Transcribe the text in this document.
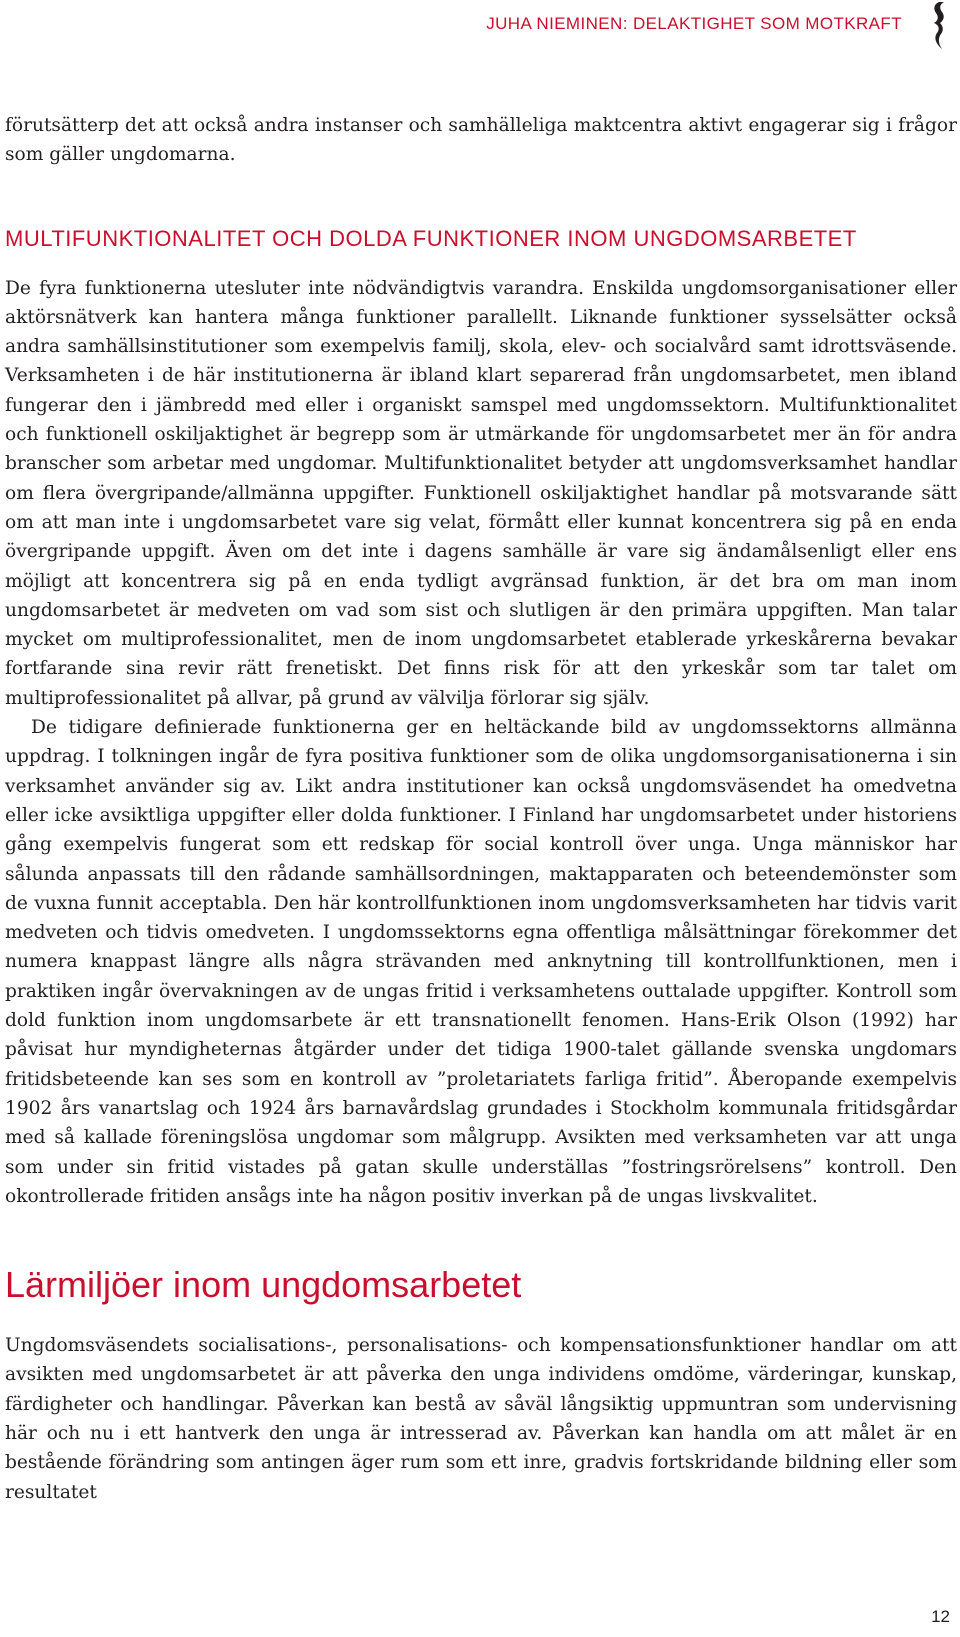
JUHA NIEMINEN: DELAKTIGHET SOM MOTKRAFT

förutsätterp det att också andra instanser och samhälleliga maktcentra aktivt engagerar sig i frågor som gäller ungdomarna.

MULTIFUNKTIONALITET OCH DOLDA FUNKTIONER INOM UNGDOMSARBETET

De fyra funktionerna utesluter inte nödvändigtvis varandra. Enskilda ungdomsorganisationer eller aktörsnätverk kan hantera många funktioner parallellt. Liknande funktioner sysselsätter också andra samhällsinstitutioner som exempelvis familj, skola, elev- och socialvård samt idrottsväsende. Verksamheten i de här institutionerna är ibland klart separerad från ungdomsarbetet, men ibland fungerar den i jämbredd med eller i organiskt samspel med ungdomssektorn. Multifunktionalitet och funktionell oskiljaktighet är begrepp som är utmärkande för ungdomsarbetet mer än för andra branscher som arbetar med ungdomar. Multifunktionalitet betyder att ungdomsverksamhet handlar om flera övergripande/allmänna uppgifter. Funktionell oskiljaktighet handlar på motsvarande sätt om att man inte i ungdomsarbetet vare sig velat, förmått eller kunnat koncentrera sig på en enda övergripande uppgift. Även om det inte i dagens samhälle är vare sig ändamålsenligt eller ens möjligt att koncentrera sig på en enda tydligt avgränsad funktion, är det bra om man inom ungdomsarbetet är medveten om vad som sist och slutligen är den primära uppgiften. Man talar mycket om multiprofessionalitet, men de inom ungdomsarbetet etablerade yrkeskårerna bevakar fortfarande sina revir rätt frenetiskt. Det finns risk för att den yrkeskår som tar talet om multiprofessionalitet på allvar, på grund av välvilja förlorar sig själv.

De tidigare definierade funktionerna ger en heltäckande bild av ungdomssektorns allmänna uppdrag. I tolkningen ingår de fyra positiva funktioner som de olika ungdomsorganisationerna i sin verksamhet använder sig av. Likt andra institutioner kan också ungdomsväsendet ha omedvetna eller icke avsiktliga uppgifter eller dolda funktioner. I Finland har ungdomsarbetet under historiens gång exempelvis fungerat som ett redskap för social kontroll över unga. Unga människor har sålunda anpassats till den rådande samhällsordningen, maktapparaten och beteendemönster som de vuxna funnit acceptabla. Den här kontrollfunktionen inom ungdomsverksamheten har tidvis varit medveten och tidvis omedveten. I ungdomssektorns egna offentliga målsättningar förekommer det numera knappast längre alls några strävanden med anknytning till kontrollfunktionen, men i praktiken ingår övervakningen av de ungas fritid i verksamhetens outtalade uppgifter. Kontroll som dold funktion inom ungdomsarbete är ett transnationellt fenomen. Hans-Erik Olson (1992) har påvisat hur myndigheternas åtgärder under det tidiga 1900-talet gällande svenska ungdomars fritidsbeteende kan ses som en kontroll av ”proletariatets farliga fritid”. Åberopande exempelvis 1902 års vanartslag och 1924 års barnavårdslag grundades i Stockholm kommunala fritidsgårdar med så kallade föreningslösa ungdomar som målgrupp. Avsikten med verksamheten var att unga som under sin fritid vistades på gatan skulle underställas ”fostringsrörelsens” kontroll. Den okontrollerade fritiden ansågs inte ha någon positiv inverkan på de ungas livskvalitet.

Lärmiljöer inom ungdomsarbetet

Ungdomsväsendets socialisations-, personalisations- och kompensationsfunktioner handlar om att avsikten med ungdomsarbetet är att påverka den unga individens omdöme, värderingar, kunskap, färdigheter och handlingar. Påverkan kan bestå av såväl långsiktig uppmuntran som undervisning här och nu i ett hantverk den unga är intresserad av. Påverkan kan handla om att målet är en bestående förändring som antingen äger rum som ett inre, gradvis fortskridande bildning eller som resultatet

12
